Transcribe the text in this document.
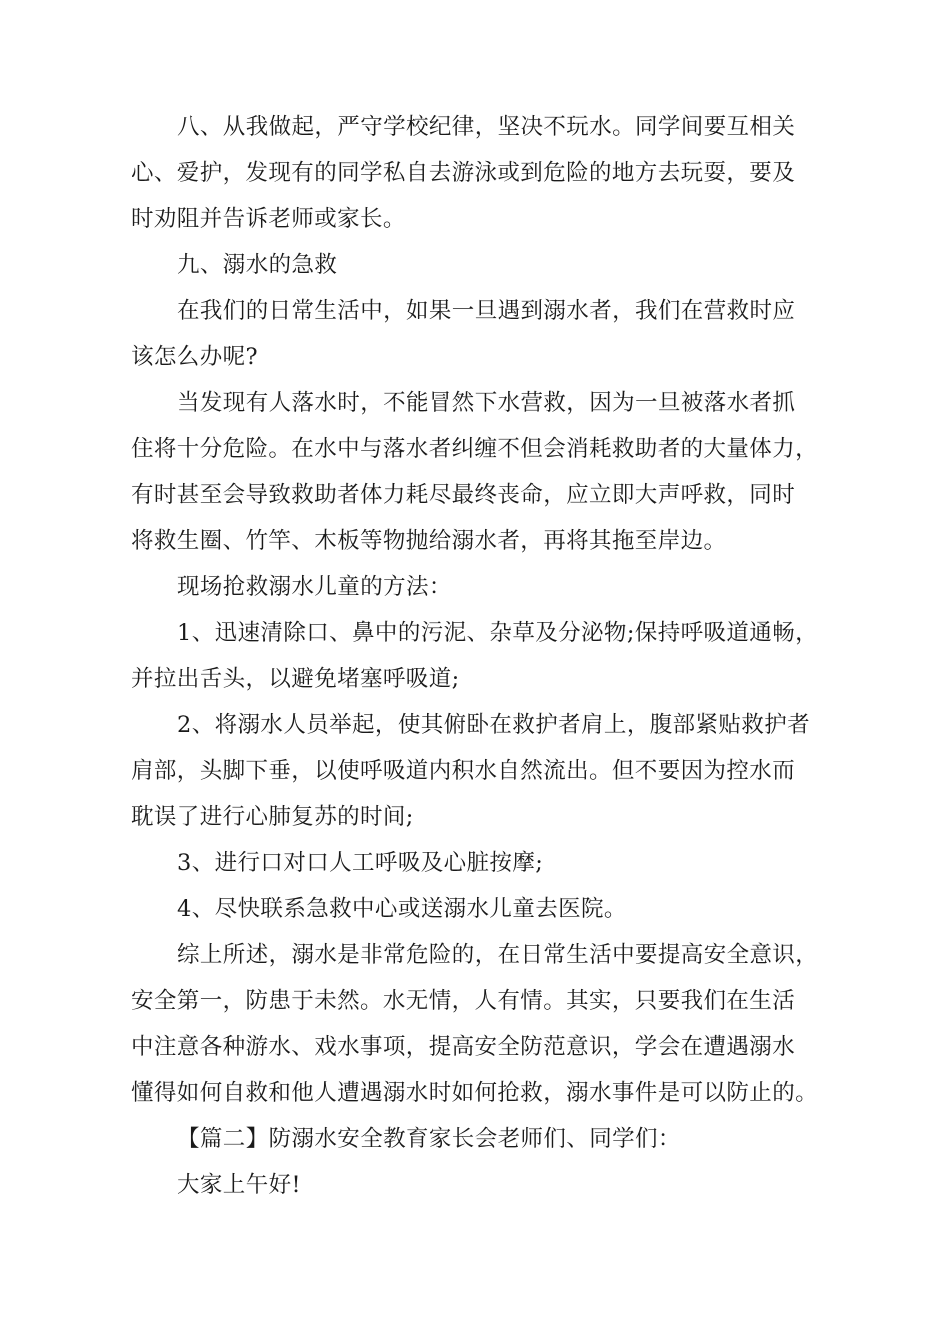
八、从我做起，严守学校纪律，坚决不玩水。同学间要互相关
心、爱护，发现有的同学私自去游泳或到危险的地方去玩耍，要及
时劝阻并告诉老师或家长。

九、溺水的急救

在我们的日常生活中，如果一旦遇到溺水者，我们在营救时应
该怎么办呢?

当发现有人落水时，不能冒然下水营救，因为一旦被落水者抓
住将十分危险。在水中与落水者纠缠不但会消耗救助者的大量体力，
有时甚至会导致救助者体力耗尽最终丧命，应立即大声呼救，同时
将救生圈、竹竿、木板等物抛给溺水者，再将其拖至岸边。

现场抢救溺水儿童的方法：

1、迅速清除口、鼻中的污泥、杂草及分泌物;保持呼吸道通畅，
并拉出舌头，以避免堵塞呼吸道;

2、将溺水人员举起，使其俯卧在救护者肩上，腹部紧贴救护者
肩部，头脚下垂，以使呼吸道内积水自然流出。但不要因为控水而
耽误了进行心肺复苏的时间;

3、进行口对口人工呼吸及心脏按摩;

4、尽快联系急救中心或送溺水儿童去医院。

综上所述，溺水是非常危险的，在日常生活中要提高安全意识，
安全第一，防患于未然。水无情，人有情。其实，只要我们在生活
中注意各种游水、戏水事项，提高安全防范意识，学会在遭遇溺水
懂得如何自救和他人遭遇溺水时如何抢救，溺水事件是可以防止的。

【篇二】防溺水安全教育家长会老师们、同学们：

大家上午好!
